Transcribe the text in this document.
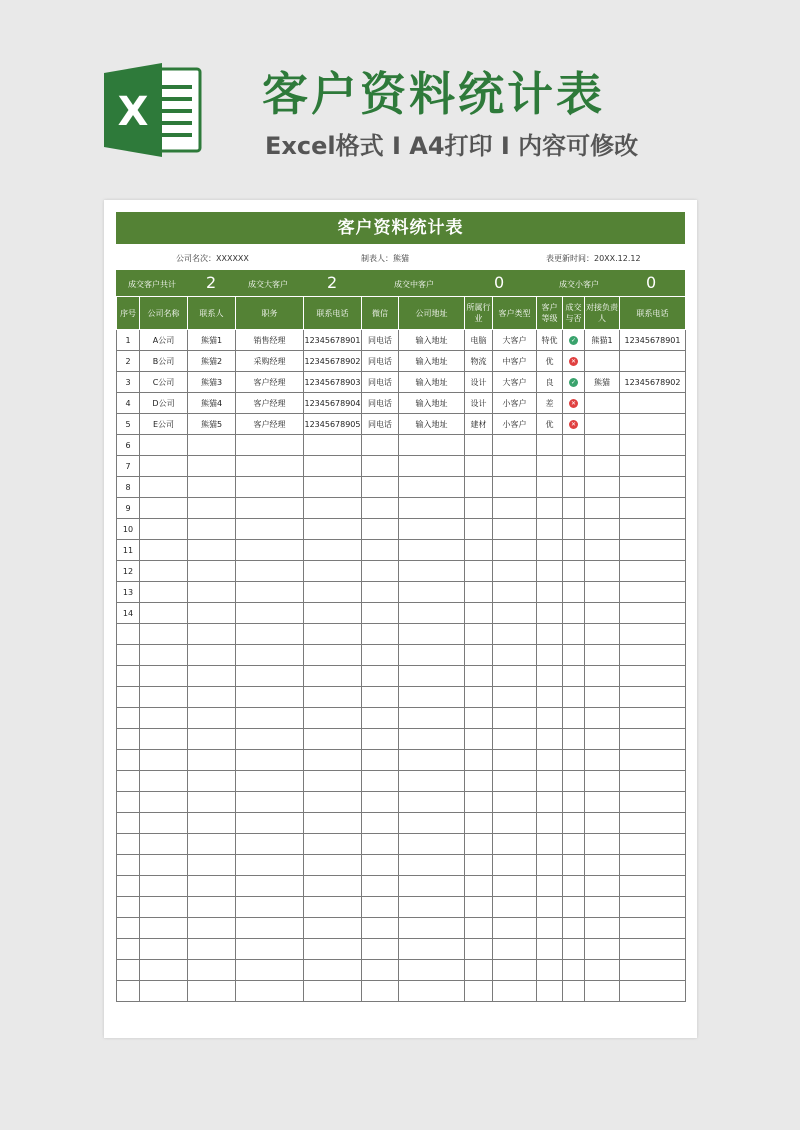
X 客户资料统计表
Excel格式 I A4打印 I 内容可修改
客户资料统计表
公司名次：XXXXXX	制表人：熊猫	表更新时间：20XX.12.12
成交客户共计 2	成交大客户 2	成交中客户	0	成交小客户	0
序号	公司名称	联系人	职务	联系电话	微信	公司地址	所属行业	客户类型	客户等级	成交与否	对接负责人	联系电话
1	A公司	熊猫1	销售经理	12345678901	同电话	输入地址	电脑	大客户	特优	✓	熊猫1	12345678901
2	B公司	熊猫2	采购经理	12345678902	同电话	输入地址	物流	中客户	优	✕		
3	C公司	熊猫3	客户经理	12345678903	同电话	输入地址	设计	大客户	良	✓	熊猫	12345678902
4	D公司	熊猫4	客户经理	12345678904	同电话	输入地址	设计	小客户	差	✕		
5	E公司	熊猫5	客户经理	12345678905	同电话	输入地址	建材	小客户	优	✕		
6												
7												
8												
9												
10												
11												
12												
13												
14												
